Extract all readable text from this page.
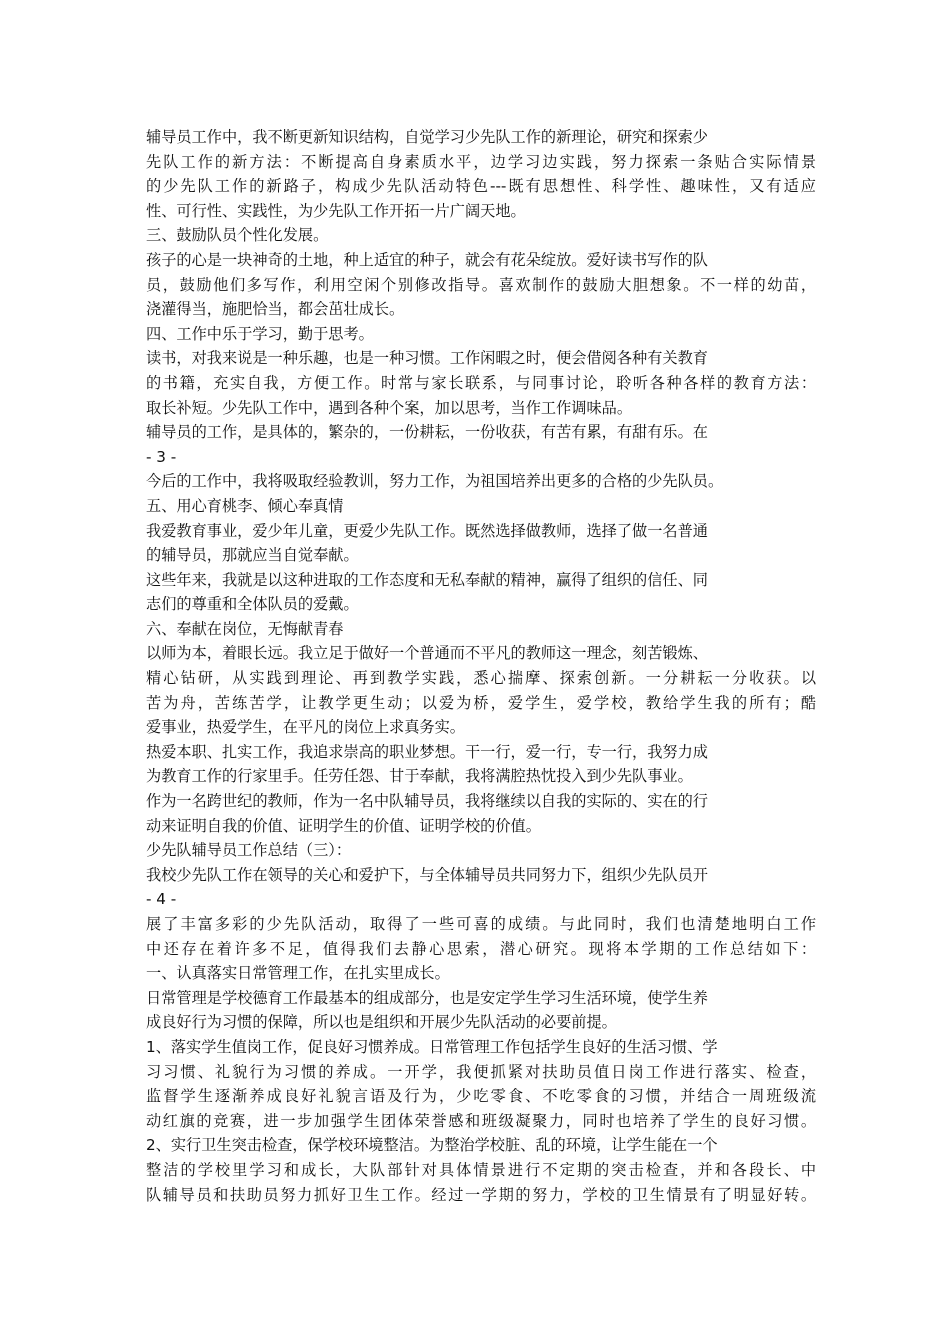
辅导员工作中，我不断更新知识结构，自觉学习少先队工作的新理论，研究和探索少
先队工作的新方法：不断提高自身素质水平，边学习边实践，努力探索一条贴合实际情景
的少先队工作的新路子，构成少先队活动特色---既有思想性、科学性、趣味性，又有适应
性、可行性、实践性，为少先队工作开拓一片广阔天地。
三、鼓励队员个性化发展。
孩子的心是一块神奇的土地，种上适宜的种子，就会有花朵绽放。爱好读书写作的队
员，鼓励他们多写作，利用空闲个别修改指导。喜欢制作的鼓励大胆想象。不一样的幼苗，
浇灌得当，施肥恰当，都会茁壮成长。
四、工作中乐于学习，勤于思考。
读书，对我来说是一种乐趣，也是一种习惯。工作闲暇之时，便会借阅各种有关教育
的书籍，充实自我，方便工作。时常与家长联系，与同事讨论，聆听各种各样的教育方法：
取长补短。少先队工作中，遇到各种个案，加以思考，当作工作调味品。
辅导员的工作，是具体的，繁杂的，一份耕耘，一份收获，有苦有累，有甜有乐。在
- 3 -
今后的工作中，我将吸取经验教训，努力工作，为祖国培养出更多的合格的少先队员。
五、用心育桃李、倾心奉真情
我爱教育事业，爱少年儿童，更爱少先队工作。既然选择做教师，选择了做一名普通
的辅导员，那就应当自觉奉献。
这些年来，我就是以这种进取的工作态度和无私奉献的精神，赢得了组织的信任、同
志们的尊重和全体队员的爱戴。
六、奉献在岗位，无悔献青春
以师为本，着眼长远。我立足于做好一个普通而不平凡的教师这一理念，刻苦锻炼、
精心钻研，从实践到理论、再到教学实践，悉心揣摩、探索创新。一分耕耘一分收获。以
苦为舟，苦练苦学，让教学更生动；以爱为桥，爱学生，爱学校，教给学生我的所有；酷
爱事业，热爱学生，在平凡的岗位上求真务实。
热爱本职、扎实工作，我追求崇高的职业梦想。干一行，爱一行，专一行，我努力成
为教育工作的行家里手。任劳任怨、甘于奉献，我将满腔热忱投入到少先队事业。
作为一名跨世纪的教师，作为一名中队辅导员，我将继续以自我的实际的、实在的行
动来证明自我的价值、证明学生的价值、证明学校的价值。
少先队辅导员工作总结（三）：
我校少先队工作在领导的关心和爱护下，与全体辅导员共同努力下，组织少先队员开
- 4 -
展了丰富多彩的少先队活动，取得了一些可喜的成绩。与此同时，我们也清楚地明白工作
中还存在着许多不足，值得我们去静心思索，潜心研究。现将本学期的工作总结如下：
一、认真落实日常管理工作，在扎实里成长。
日常管理是学校德育工作最基本的组成部分，也是安定学生学习生活环境，使学生养
成良好行为习惯的保障，所以也是组织和开展少先队活动的必要前提。
1、落实学生值岗工作，促良好习惯养成。日常管理工作包括学生良好的生活习惯、学
习习惯、礼貌行为习惯的养成。一开学，我便抓紧对扶助员值日岗工作进行落实、检查，
监督学生逐渐养成良好礼貌言语及行为，少吃零食、不吃零食的习惯，并结合一周班级流
动红旗的竞赛，进一步加强学生团体荣誉感和班级凝聚力，同时也培养了学生的良好习惯。
2、实行卫生突击检查，保学校环境整洁。为整治学校脏、乱的环境，让学生能在一个
整洁的学校里学习和成长，大队部针对具体情景进行不定期的突击检查，并和各段长、中
队辅导员和扶助员努力抓好卫生工作。经过一学期的努力，学校的卫生情景有了明显好转。
